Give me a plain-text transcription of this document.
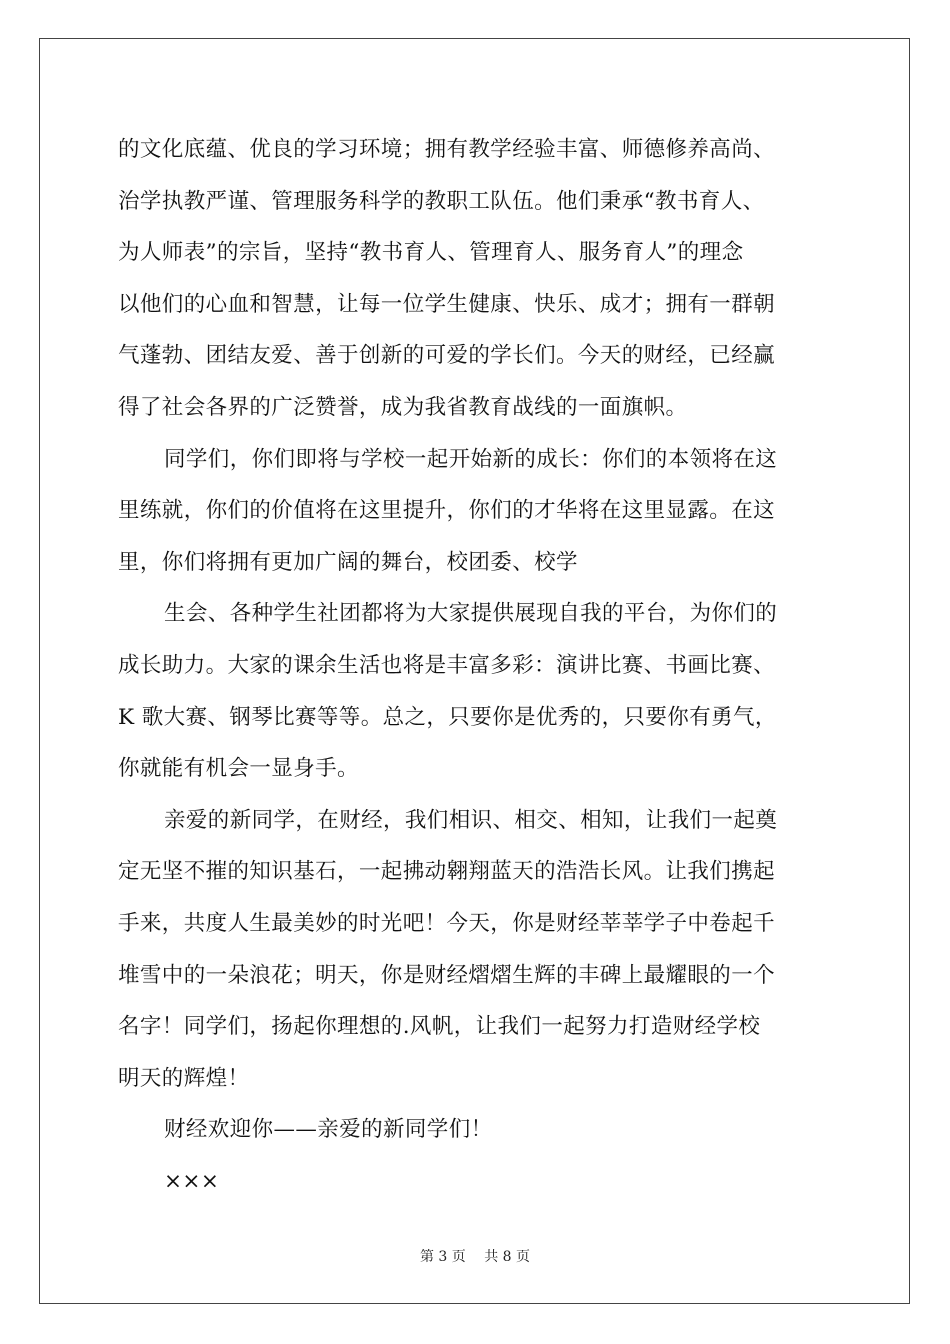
的文化底蕴、优良的学习环境；拥有教学经验丰富、师德修养高尚、
治学执教严谨、管理服务科学的教职工队伍。他们秉承“教书育人、
为人师表”的宗旨，坚持“教书育人、管理育人、服务育人”的理念
以他们的心血和智慧，让每一位学生健康、快乐、成才；拥有一群朝
气蓬勃、团结友爱、善于创新的可爱的学长们。今天的财经，已经赢
得了社会各界的广泛赞誉，成为我省教育战线的一面旗帜。
同学们，你们即将与学校一起开始新的成长：你们的本领将在这
里练就，你们的价值将在这里提升，你们的才华将在这里显露。在这
里，你们将拥有更加广阔的舞台，校团委、校学
生会、各种学生社团都将为大家提供展现自我的平台，为你们的
成长助力。大家的课余生活也将是丰富多彩：演讲比赛、书画比赛、
K 歌大赛、钢琴比赛等等。总之，只要你是优秀的，只要你有勇气，
你就能有机会一显身手。
亲爱的新同学，在财经，我们相识、相交、相知，让我们一起奠
定无坚不摧的知识基石，一起拂动翱翔蓝天的浩浩长风。让我们携起
手来，共度人生最美妙的时光吧！今天，你是财经莘莘学子中卷起千
堆雪中的一朵浪花；明天，你是财经熠熠生辉的丰碑上最耀眼的一个
名字！同学们，扬起你理想的.风帆，让我们一起努力打造财经学校
明天的辉煌！
财经欢迎你——亲爱的新同学们！
×××
第 3 页　 共 8 页
